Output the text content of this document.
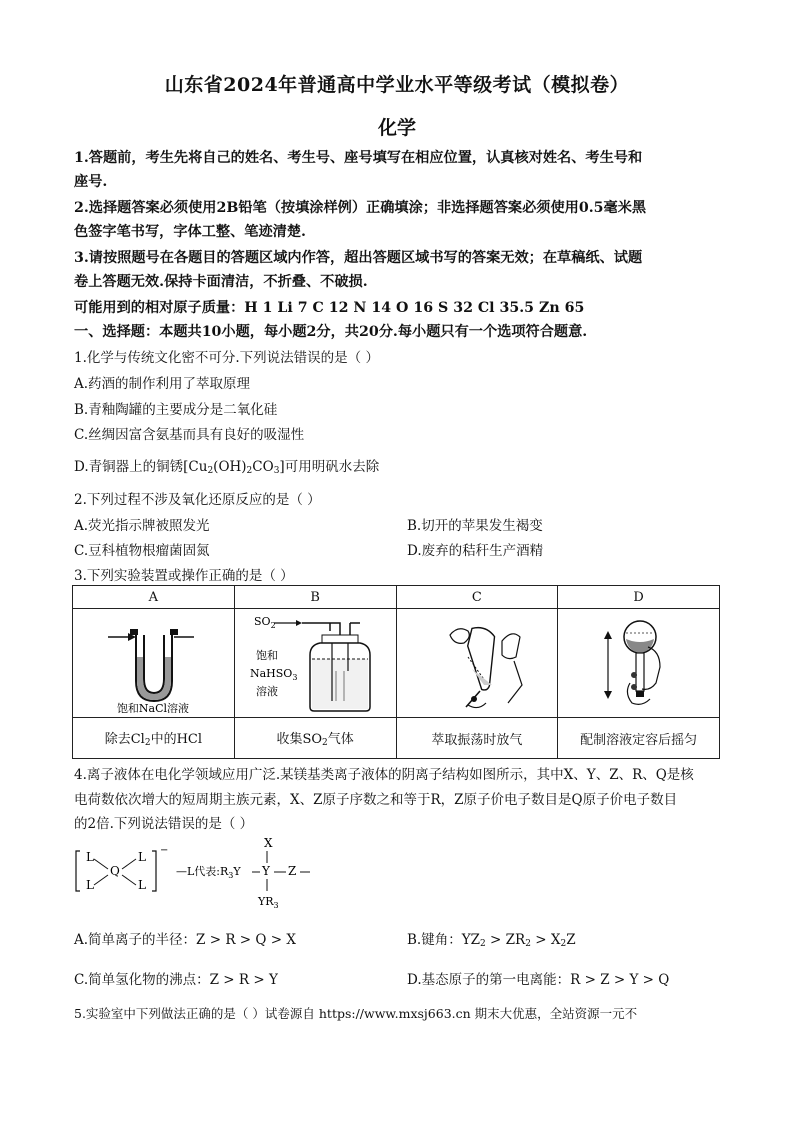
山东省2024年普通高中学业水平等级考试（模拟卷）
化学
1.答题前，考生先将自己的姓名、考生号、座号填写在相应位置，认真核对姓名、考生号和
座号.
2.选择题答案必须使用2B铅笔（按填涂样例）正确填涂；非选择题答案必须使用0.5毫米黑
色签字笔书写，字体工整、笔迹清楚.
3.请按照题号在各题目的答题区域内作答，超出答题区域书写的答案无效；在草稿纸、试题
卷上答题无效.保持卡面清洁，不折叠、不破损.
可能用到的相对原子质量：H 1 Li 7 C 12 N 14 O 16 S 32 Cl 35.5 Zn 65
一、选择题：本题共10小题，每小题2分，共20分.每小题只有一个选项符合题意.
1.化学与传统文化密不可分.下列说法错误的是（ ）
A.药酒的制作利用了萃取原理
B.青釉陶罐的主要成分是二氧化硅
C.丝绸因富含氨基而具有良好的吸湿性
D.青铜器上的铜锈$[Cu_2(OH)_2CO_3]$可用明矾水去除
2.下列过程不涉及氧化还原反应的是（ ）
A.荧光指示牌被照发光	B.切开的苹果发生褐变
C.豆科植物根瘤菌固氮	D.废弃的秸秆生产酒精
3.下列实验装置或操作正确的是（ ）
A	B	C	D

饱和NaCl溶液	$SO_2$
饱和
NaHSO$_3$
溶液

除去$Cl_2$中的HCl	收集$SO_2$气体	萃取振荡时放气	配制溶液定容后摇匀
4.离子液体在电化学领域应用广泛.某镁基类离子液体的阴离子结构如图所示，其中X、Y、Z、R、Q是核
电荷数依次增大的短周期主族元素，X、Z原子序数之和等于R，Z原子价电子数目是Q原子价电子数目
的2倍.下列说法错误的是（ ）
−
L	L
L	L
Q	—L代表$:R_3Y$ Y Z
X
$YR_3$
A.简单离子的半径：Z > R > Q > X	B.键角：$YZ_2 > ZR_2 > X_2Z$
C.简单氢化物的沸点：Z > R > Y	D.基态原子的第一电离能：R > Z > Y > Q
5.实验室中下列做法正确的是（ ）试卷源自 https://www.mxsj663.cn 期末大优惠，全站资源一元不
